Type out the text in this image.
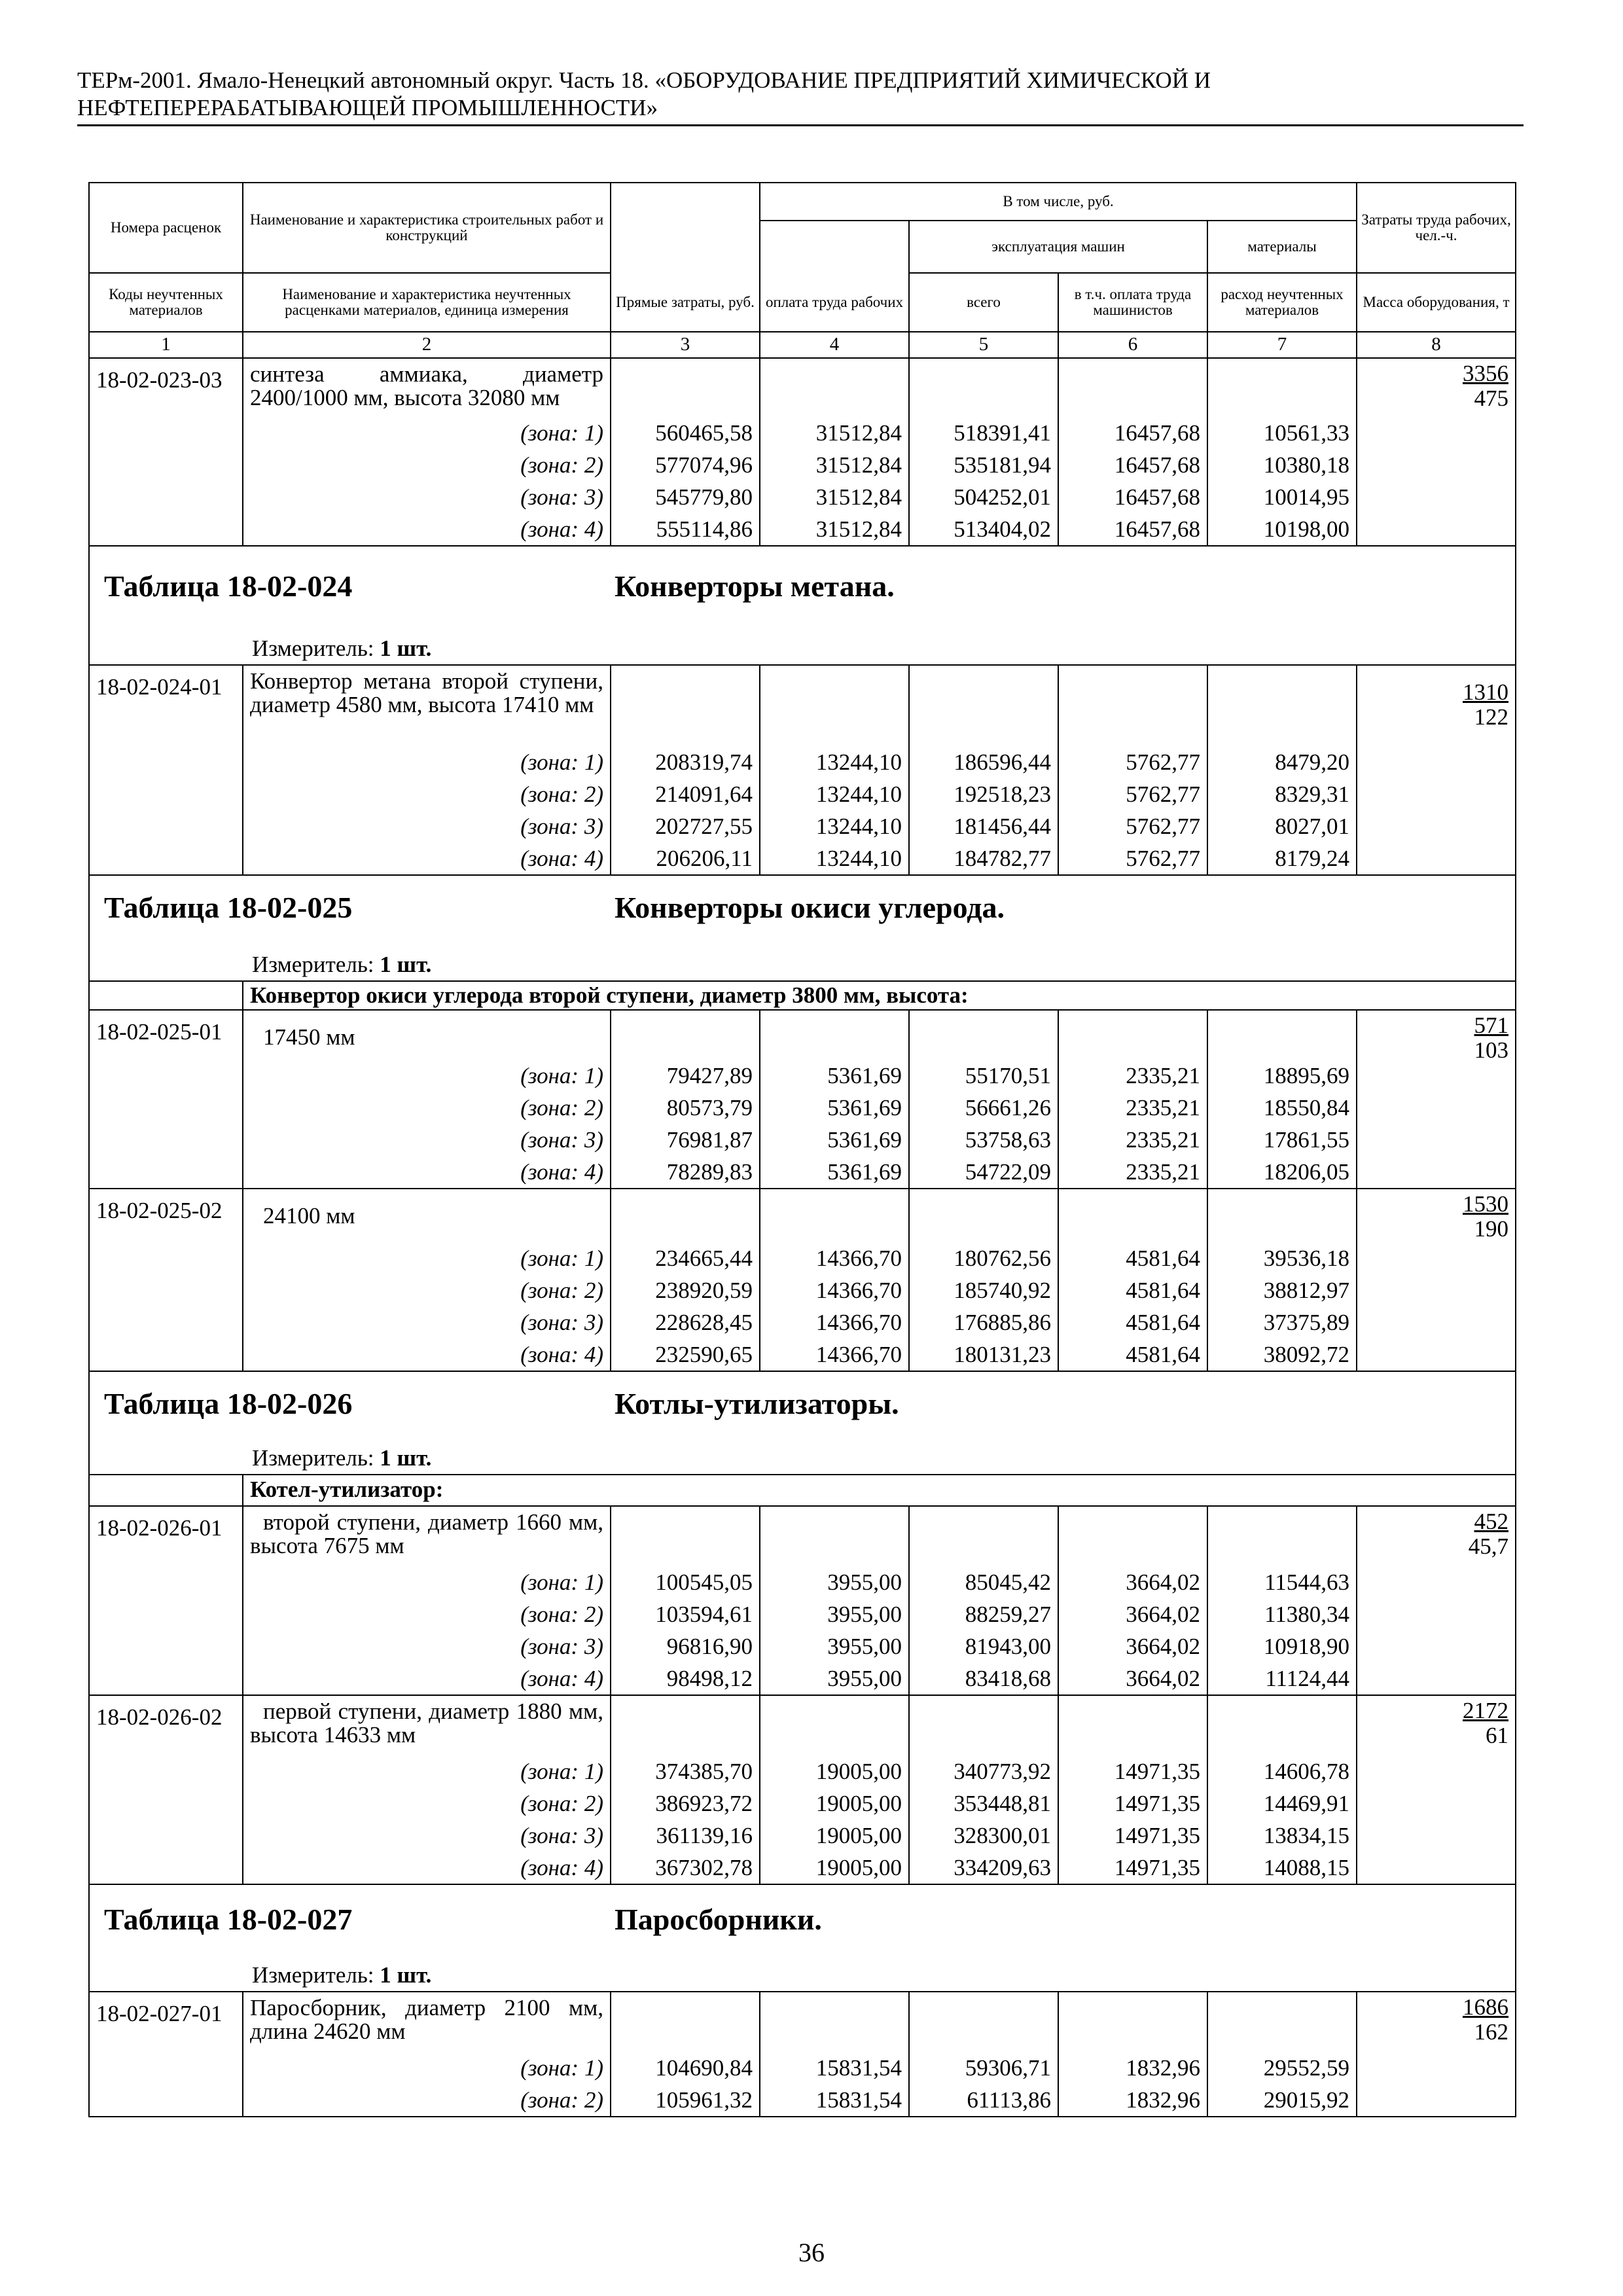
ТЕРм-2001. Ямало-Ненецкий автономный округ. Часть 18. «ОБОРУДОВАНИЕ ПРЕДПРИЯТИЙ ХИМИЧЕСКОЙ И
НЕФТЕПЕРЕРАБАТЫВАЮЩЕЙ ПРОМЫШЛЕННОСТИ»
Номера расценок	Наименование и характеристика строительных работ и конструкций		В том числе, руб.				Затраты труда рабочих, чел.-ч.
				эксплуатация машин		материалы	
Коды неучтенных материалов	Наименование и характеристика неучтенных расценками материалов, единица измерения	Прямые затраты, руб.	оплата труда рабочих	всего	в т.ч. оплата труда машинистов	расход неучтенных материалов	Масса оборудования, т
1	2	3	4	5	6	7	8
18-02-023-03	синтеза аммиака, диаметр 2400/1000 мм, высота 32080 мм						$\frac{3356}{475}$

	(зона: 1)	560465,58	31512,84	518391,41	16457,68	10561,33	
	(зона: 2)	577074,96	31512,84	535181,94	16457,68	10380,18	
	(зона: 3)	545779,80	31512,84	504252,01	16457,68	10014,95	
	(зона: 4)	555114,86	31512,84	513404,02	16457,68	10198,00	
Таблица 18-02-024 Конверторы метана.							
Измеритель: 1 шт.							
18-02-024-01	Конвертор метана второй ступени, диаметр 4580 мм, высота 17410 мм						$\frac{1310}{122}$

	(зона: 1)	208319,74	13244,10	186596,44	5762,77	8479,20	
	(зона: 2)	214091,64	13244,10	192518,23	5762,77	8329,31	
	(зона: 3)	202727,55	13244,10	181456,44	5762,77	8027,01	
	(зона: 4)	206206,11	13244,10	184782,77	5762,77	8179,24	
Таблица 18-02-025 Конверторы окиси углерода.							
Измеритель: 1 шт.							
	Конвертор окиси углерода второй ступени, диаметр 3800 мм, высота:						
18-02-025-01	17450 мм						$\frac{571}{103}$

	(зона: 1)	79427,89	5361,69	55170,51	2335,21	18895,69	
	(зона: 2)	80573,79	5361,69	56661,26	2335,21	18550,84	
	(зона: 3)	76981,87	5361,69	53758,63	2335,21	17861,55	
	(зона: 4)	78289,83	5361,69	54722,09	2335,21	18206,05	
18-02-025-02	24100 мм						$\frac{1530}{190}$

	(зона: 1)	234665,44	14366,70	180762,56	4581,64	39536,18	
	(зона: 2)	238920,59	14366,70	185740,92	4581,64	38812,97	
	(зона: 3)	228628,45	14366,70	176885,86	4581,64	37375,89	
	(зона: 4)	232590,65	14366,70	180131,23	4581,64	38092,72	
Таблица 18-02-026 Котлы-утилизаторы.							
Измеритель: 1 шт.							
	Котел-утилизатор:						
18-02-026-01	второй ступени, диаметр 1660 мм, высота 7675 мм						$\frac{452}{45,7}$

	(зона: 1)	100545,05	3955,00	85045,42	3664,02	11544,63	
	(зона: 2)	103594,61	3955,00	88259,27	3664,02	11380,34	
	(зона: 3)	96816,90	3955,00	81943,00	3664,02	10918,90	
	(зона: 4)	98498,12	3955,00	83418,68	3664,02	11124,44	
18-02-026-02	первой ступени, диаметр 1880 мм, высота 14633 мм						$\frac{2172}{61}$

	(зона: 1)	374385,70	19005,00	340773,92	14971,35	14606,78	
	(зона: 2)	386923,72	19005,00	353448,81	14971,35	14469,91	
	(зона: 3)	361139,16	19005,00	328300,01	14971,35	13834,15	
	(зона: 4)	367302,78	19005,00	334209,63	14971,35	14088,15	
Таблица 18-02-027 Паросборники.							
Измеритель: 1 шт.							
18-02-027-01	Паросборник, диаметр 2100 мм, длина 24620 мм						$\frac{1686}{162}$

	(зона: 1)	104690,84	15831,54	59306,71	1832,96	29552,59	
	(зона: 2)	105961,32	15831,54	61113,86	1832,96	29015,92	
36
